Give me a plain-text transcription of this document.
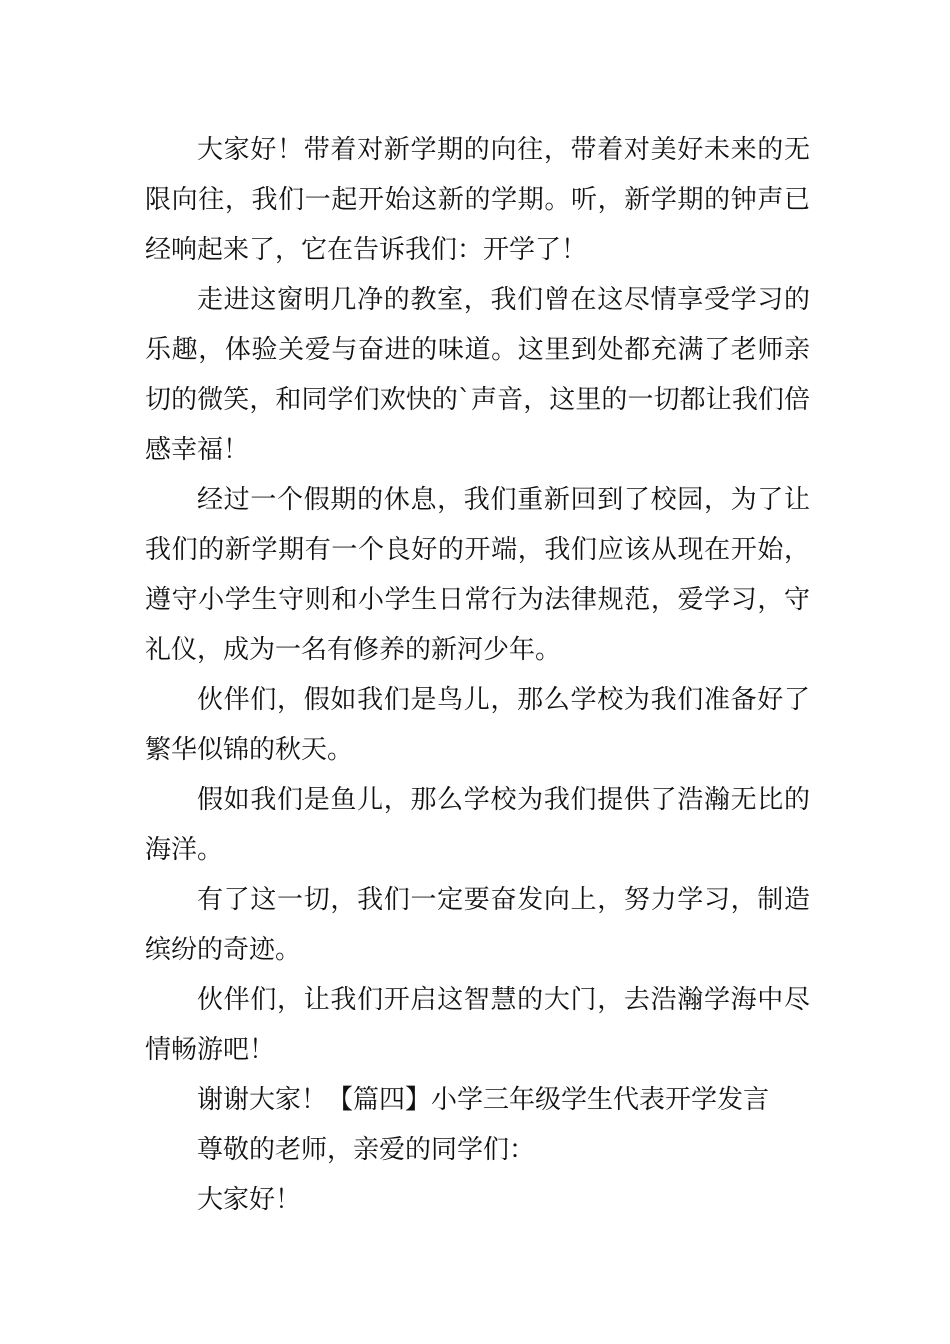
大家好！带着对新学期的向往，带着对美好未来的无限向往，我们一起开始这新的学期。听，新学期的钟声已经响起来了，它在告诉我们：开学了！

走进这窗明几净的教室，我们曾在这尽情享受学习的乐趣，体验关爱与奋进的味道。这里到处都充满了老师亲切的微笑，和同学们欢快的`声音，这里的一切都让我们倍感幸福！

经过一个假期的休息，我们重新回到了校园，为了让我们的新学期有一个良好的开端，我们应该从现在开始，遵守小学生守则和小学生日常行为法律规范，爱学习，守礼仪，成为一名有修养的新河少年。

伙伴们，假如我们是鸟儿，那么学校为我们准备好了繁华似锦的秋天。

假如我们是鱼儿，那么学校为我们提供了浩瀚无比的海洋。

有了这一切，我们一定要奋发向上，努力学习，制造缤纷的奇迹。

伙伴们，让我们开启这智慧的大门，去浩瀚学海中尽情畅游吧！

谢谢大家！【篇四】小学三年级学生代表开学发言

尊敬的老师，亲爱的同学们：

大家好！
